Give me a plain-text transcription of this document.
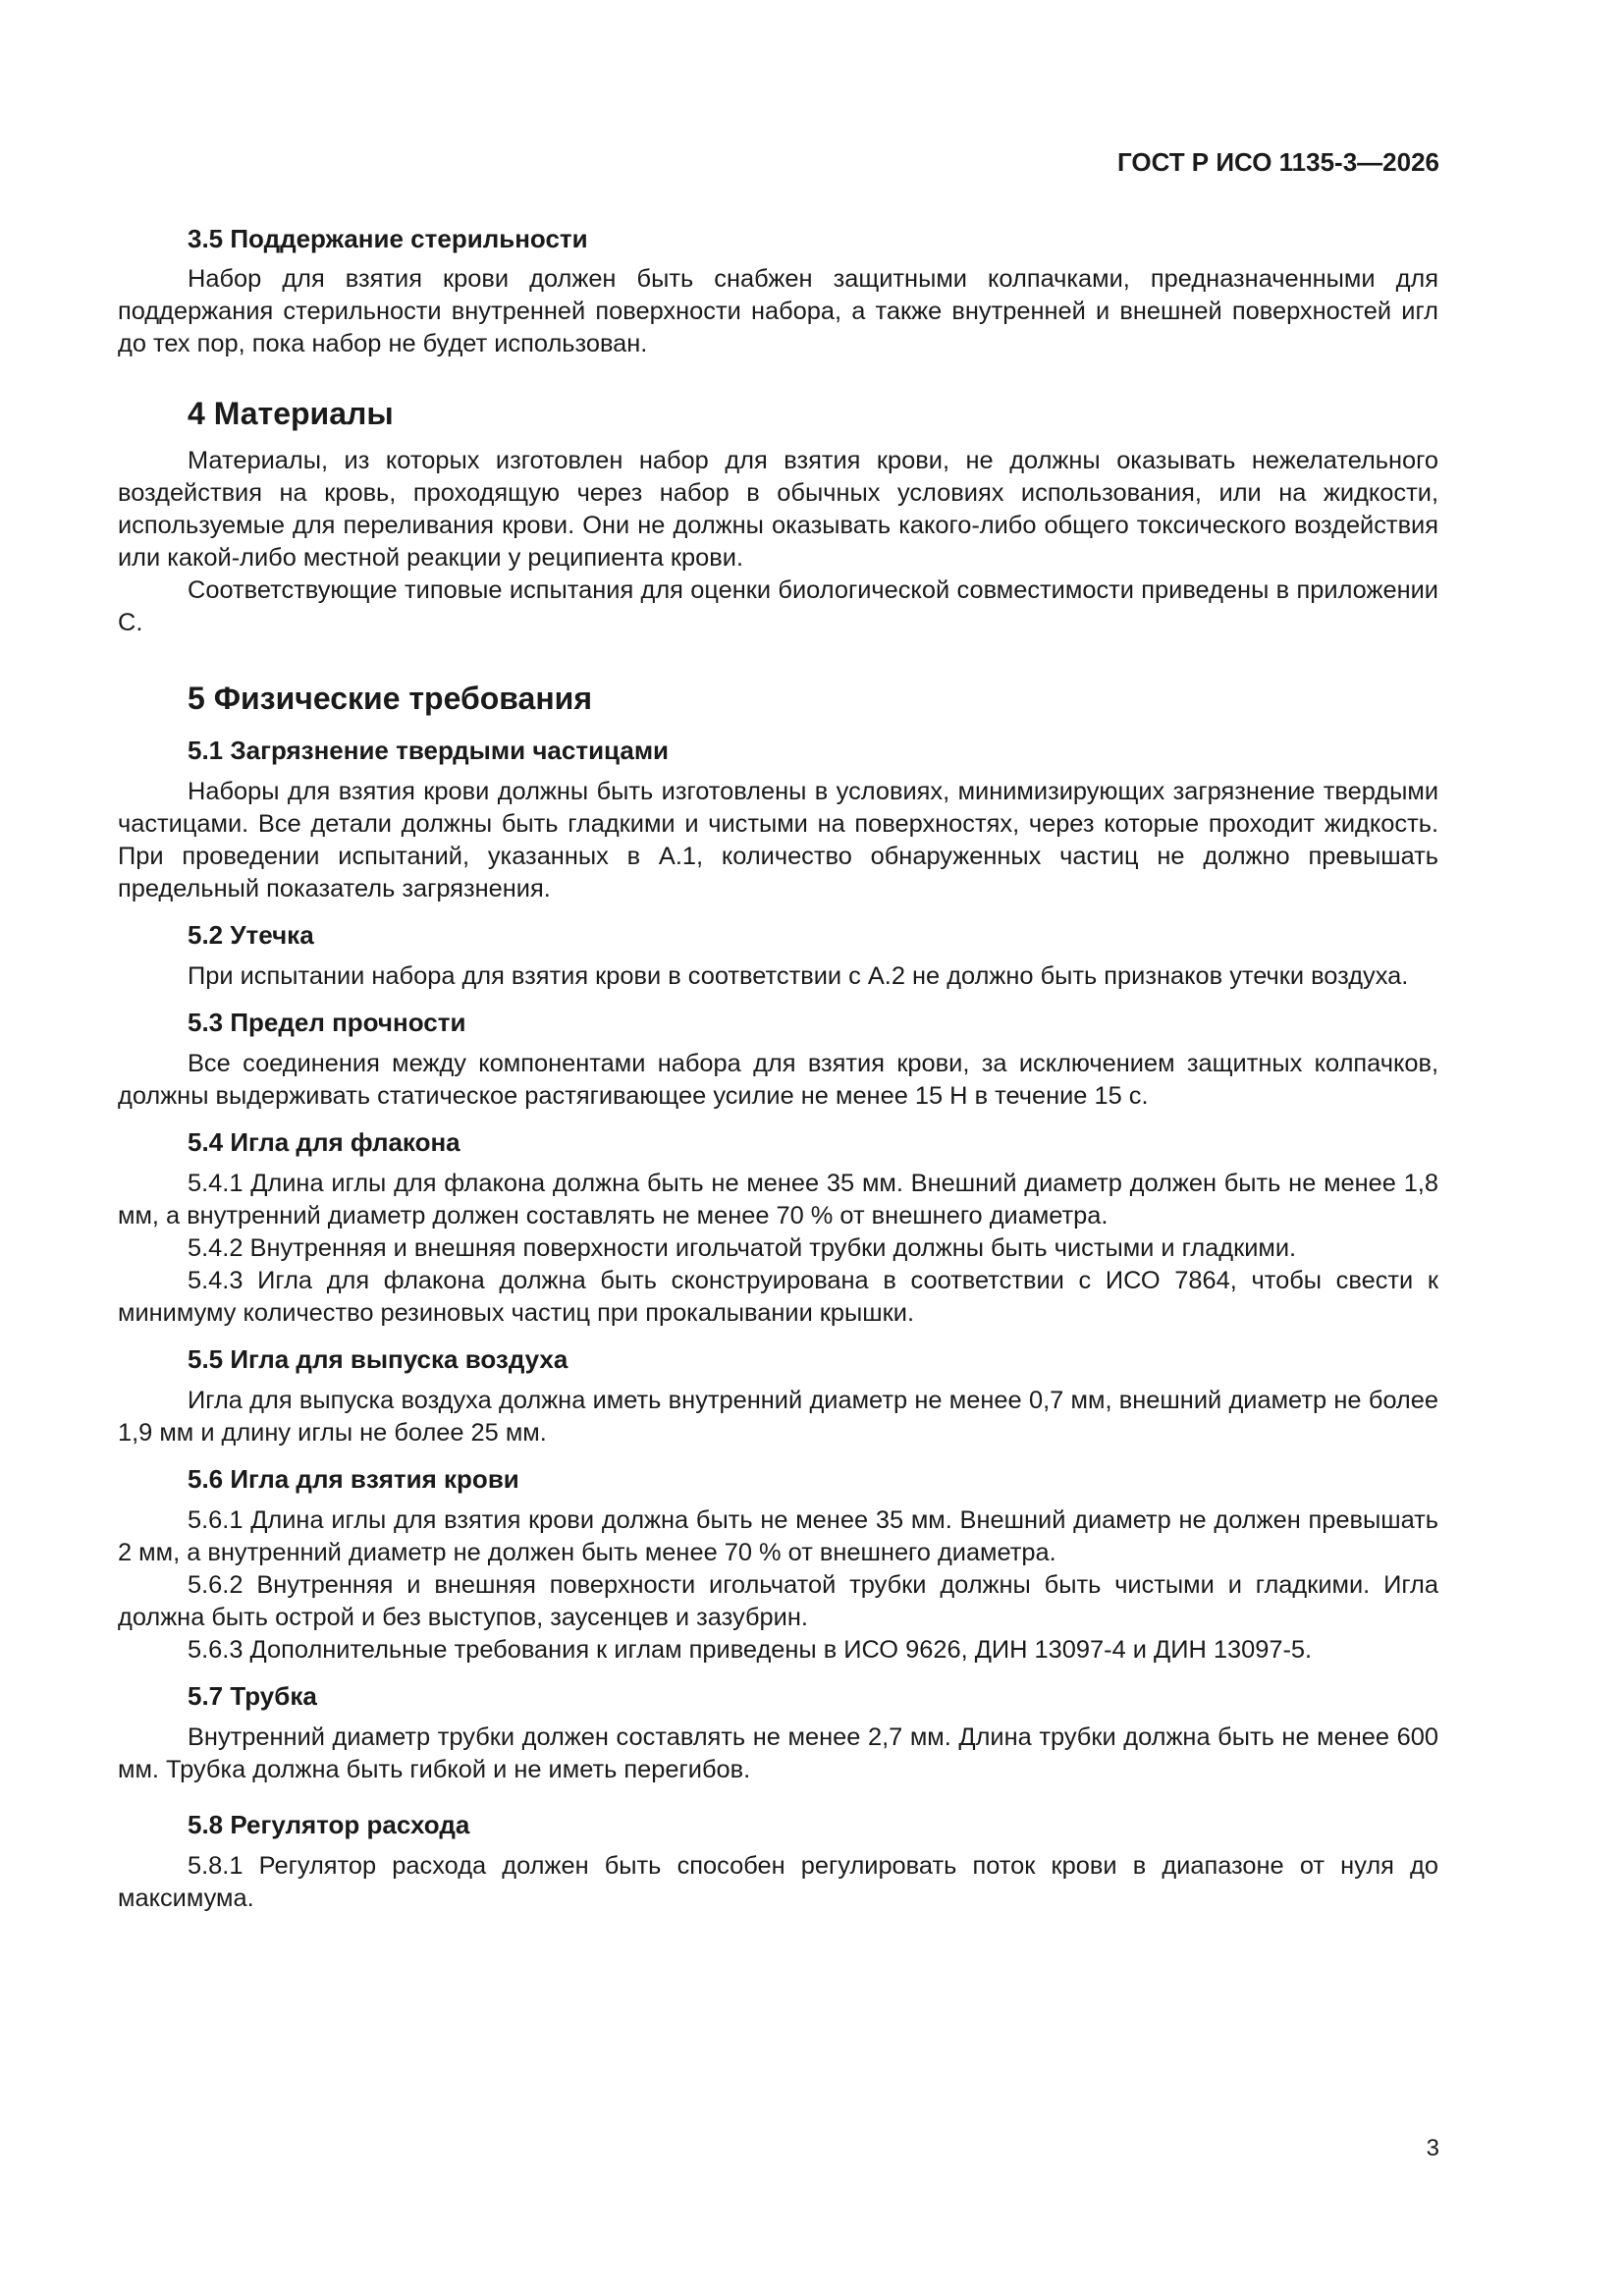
ГОСТ Р ИСО 1135-3—2026
3.5 Поддержание стерильности

Набор для взятия крови должен быть снабжен защитными колпачками, предназначенными для поддержания стерильности внутренней поверхности набора, а также внутренней и внешней поверхностей игл до тех пор, пока набор не будет использован.

4 Материалы

Материалы, из которых изготовлен набор для взятия крови, не должны оказывать нежелательного воздействия на кровь, проходящую через набор в обычных условиях использования, или на жидкости, используемые для переливания крови. Они не должны оказывать какого-либо общего токсического воздействия или какой-либо местной реакции у реципиента крови.

Соответствующие типовые испытания для оценки биологической совместимости приведены в приложении С.

5 Физические требования
5.1 Загрязнение твердыми частицами

Наборы для взятия крови должны быть изготовлены в условиях, минимизирующих загрязнение твердыми частицами. Все детали должны быть гладкими и чистыми на поверхностях, через которые проходит жидкость. При проведении испытаний, указанных в А.1, количество обнаруженных частиц не должно превышать предельный показатель загрязнения.

5.2 Утечка

При испытании набора для взятия крови в соответствии с А.2 не должно быть признаков утечки воздуха.

5.3 Предел прочности

Все соединения между компонентами набора для взятия крови, за исключением защитных колпачков, должны выдерживать статическое растягивающее усилие не менее 15 Н в течение 15 с.

5.4 Игла для флакона

5.4.1 Длина иглы для флакона должна быть не менее 35 мм. Внешний диаметр должен быть не менее 1,8 мм, а внутренний диаметр должен составлять не менее 70 % от внешнего диаметра.

5.4.2 Внутренняя и внешняя поверхности игольчатой трубки должны быть чистыми и гладкими.

5.4.3 Игла для флакона должна быть сконструирована в соответствии с ИСО 7864, чтобы свести к минимуму количество резиновых частиц при прокалывании крышки.

5.5 Игла для выпуска воздуха

Игла для выпуска воздуха должна иметь внутренний диаметр не менее 0,7 мм, внешний диаметр не более 1,9 мм и длину иглы не более 25 мм.

5.6 Игла для взятия крови

5.6.1 Длина иглы для взятия крови должна быть не менее 35 мм. Внешний диаметр не должен превышать 2 мм, а внутренний диаметр не должен быть менее 70 % от внешнего диаметра.

5.6.2 Внутренняя и внешняя поверхности игольчатой трубки должны быть чистыми и гладкими. Игла должна быть острой и без выступов, заусенцев и зазубрин.

5.6.3 Дополнительные требования к иглам приведены в ИСО 9626, ДИН 13097-4 и ДИН 13097-5.

5.7 Трубка

Внутренний диаметр трубки должен составлять не менее 2,7 мм. Длина трубки должна быть не менее 600 мм. Трубка должна быть гибкой и не иметь перегибов.

5.8 Регулятор расхода

5.8.1 Регулятор расхода должен быть способен регулировать поток крови в диапазоне от нуля до максимума.

3
